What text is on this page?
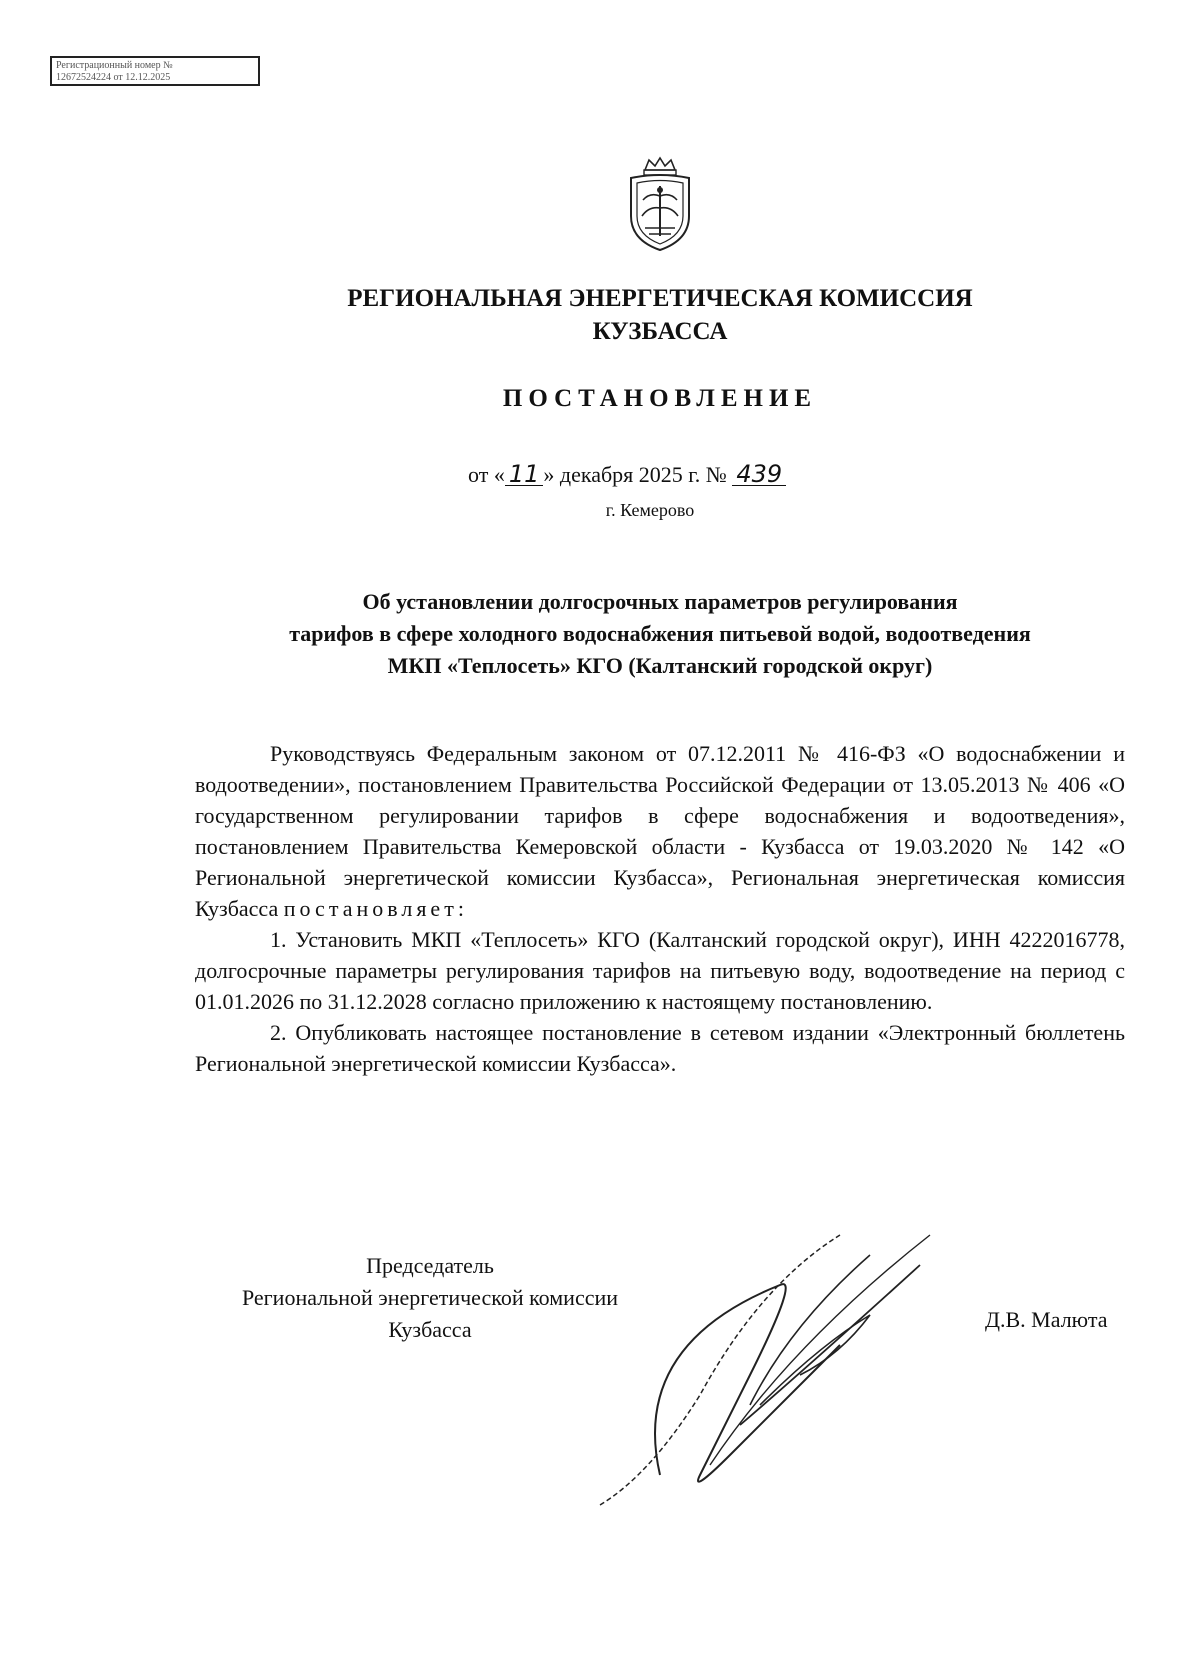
Регистрационный номер №
12672524224 от 12.12.2025
РЕГИОНАЛЬНАЯ ЭНЕРГЕТИЧЕСКАЯ КОМИССИЯ
КУЗБАССА
ПОСТАНОВЛЕНИЕ
от « 11 » декабря 2025 г. № 439
г. Кемерово
Об установлении долгосрочных параметров регулирования
тарифов в сфере холодного водоснабжения питьевой водой, водоотведения
МКП «Теплосеть» КГО (Калтанский городской округ)

Руководствуясь Федеральным законом от 07.12.2011 № 416-ФЗ «О водоснабжении и водоотведении», постановлением Правительства Российской Федерации от 13.05.2013 № 406 «О государственном регулировании тарифов в сфере водоснабжения и водоотведения», постановлением Правительства Кемеровской области - Кузбасса от 19.03.2020 № 142 «О Региональной энергетической комиссии Кузбасса», Региональная энергетическая комиссия Кузбасса постановляет:

1. Установить МКП «Теплосеть» КГО (Калтанский городской округ), ИНН 4222016778, долгосрочные параметры регулирования тарифов на питьевую воду, водоотведение на период с 01.01.2026 по 31.12.2028 согласно приложению к настоящему постановлению.

2. Опубликовать настоящее постановление в сетевом издании «Электронный бюллетень Региональной энергетической комиссии Кузбасса».

Председатель
Региональной энергетической комиссии
Кузбасса	Д.В. Малюта
